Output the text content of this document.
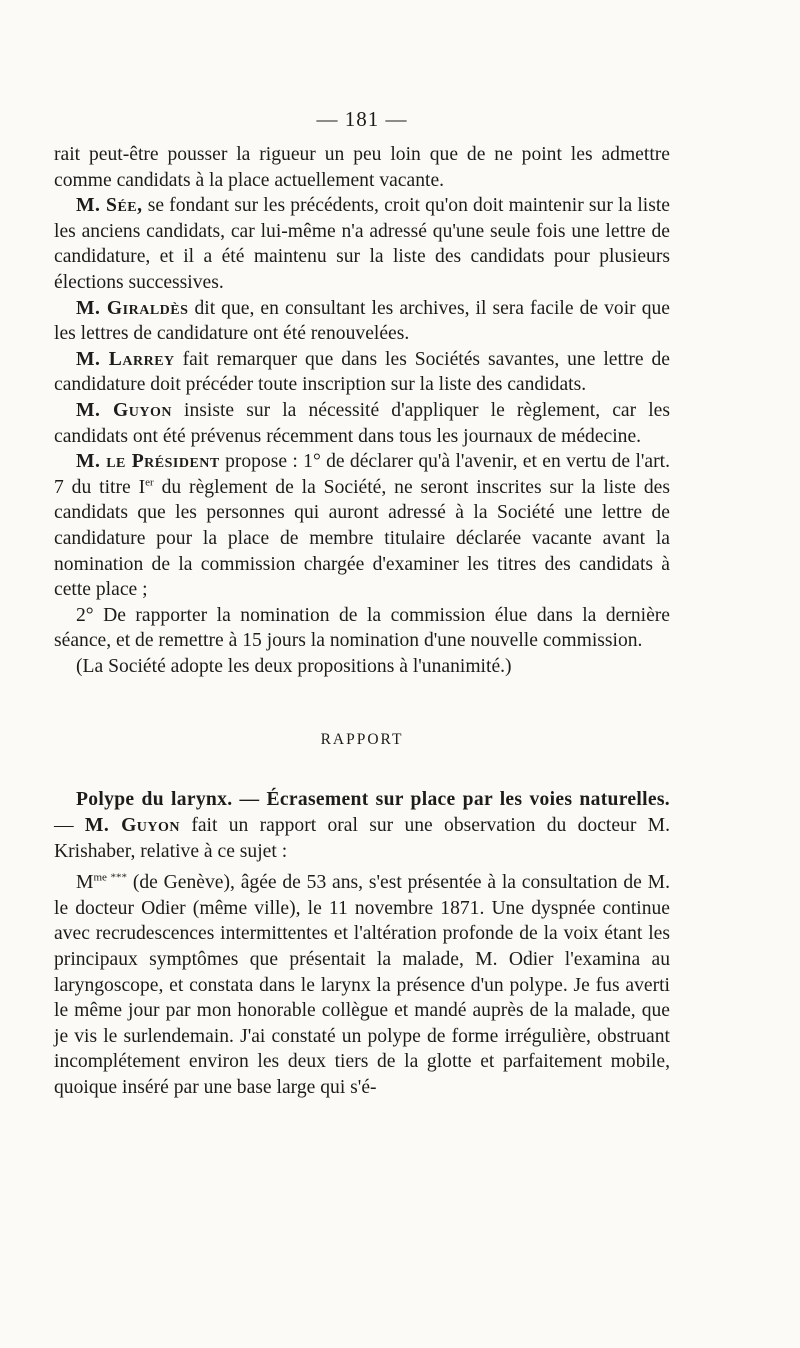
— 181 —

rait peut-être pousser la rigueur un peu loin que de ne point les admettre comme candidats à la place actuellement vacante.

M. Sée, se fondant sur les précédents, croit qu'on doit maintenir sur la liste les anciens candidats, car lui-même n'a adressé qu'une seule fois une lettre de candidature, et il a été maintenu sur la liste des candidats pour plusieurs élections successives.

M. Giraldès dit que, en consultant les archives, il sera facile de voir que les lettres de candidature ont été renouvelées.

M. Larrey fait remarquer que dans les Sociétés savantes, une lettre de candidature doit précéder toute inscription sur la liste des candidats.

M. Guyon insiste sur la nécessité d'appliquer le règlement, car les candidats ont été prévenus récemment dans tous les journaux de médecine.

M. le Président propose : 1° de déclarer qu'à l'avenir, et en vertu de l'art. 7 du titre Ier du règlement de la Société, ne seront inscrites sur la liste des candidats que les personnes qui auront adressé à la Société une lettre de candidature pour la place de membre titulaire déclarée vacante avant la nomination de la commission chargée d'examiner les titres des candidats à cette place ;

2° De rapporter la nomination de la commission élue dans la dernière séance, et de remettre à 15 jours la nomination d'une nouvelle commission.

(La Société adopte les deux propositions à l'unanimité.)

RAPPORT

Polype du larynx. — Écrasement sur place par les voies naturelles. — M. Guyon fait un rapport oral sur une observation du docteur M. Krishaber, relative à ce sujet :

$M^{me ***}$ (de Genève), âgée de 53 ans, s'est présentée à la consultation de M. le docteur Odier (même ville), le 11 novembre 1871. Une dyspnée continue avec recrudescences intermittentes et l'altération profonde de la voix étant les principaux symptômes que présentait la malade, M. Odier l'examina au laryngoscope, et constata dans le larynx la présence d'un polype. Je fus averti le même jour par mon honorable collègue et mandé auprès de la malade, que je vis le surlendemain. J'ai constaté un polype de forme irrégulière, obstruant incomplétement environ les deux tiers de la glotte et parfaitement mobile, quoique inséré par une base large qui s'é-
